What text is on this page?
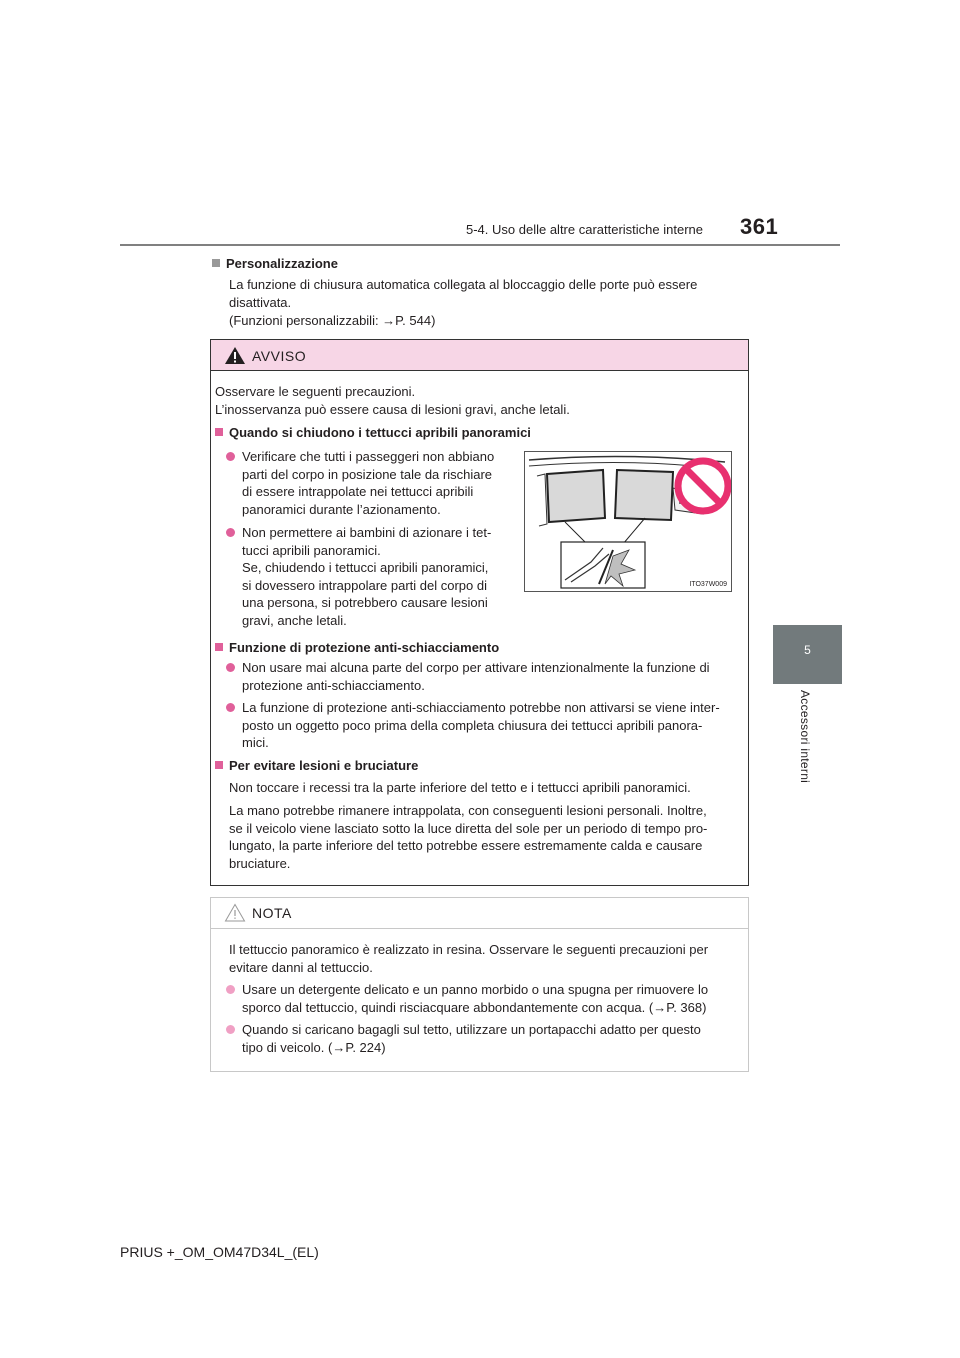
5-4. Uso delle altre caratteristiche interne 361
5
Accessori interni
Personalizzazione
La funzione di chiusura automatica collegata al bloccaggio delle porte può essere
disattivata.
(Funzioni personalizzabili: →P. 544)
AVVISO
Osservare le seguenti precauzioni.
L’inosservanza può essere causa di lesioni gravi, anche letali.
Quando si chiudono i tettucci apribili panoramici

Verificare che tutti i passeggeri non abbiano

parti del corpo in posizione tale da rischiare

di essere intrappolate nei tettucci apribili

panoramici durante l’azionamento.

Non permettere ai bambini di azionare i tet-

tucci apribili panoramici.

Se, chiudendo i tettucci apribili panoramici,

si dovessero intrappolare parti del corpo di

una persona, si potrebbero causare lesioni

gravi, anche letali.

ITO37W009
Funzione di protezione anti-schiacciamento

Non usare mai alcuna parte del corpo per attivare intenzionalmente la funzione di

protezione anti-schiacciamento.

La funzione di protezione anti-schiacciamento potrebbe non attivarsi se viene inter-

posto un oggetto poco prima della completa chiusura dei tettucci apribili panora-

mici.

Per evitare lesioni e bruciature
Non toccare i recessi tra la parte inferiore del tetto e i tettucci apribili panoramici.

La mano potrebbe rimanere intrappolata, con conseguenti lesioni personali. Inoltre,

se il veicolo viene lasciato sotto la luce diretta del sole per un periodo di tempo pro-

lungato, la parte inferiore del tetto potrebbe essere estremamente calda e causare

bruciature.

NOTA

Il tettuccio panoramico è realizzato in resina. Osservare le seguenti precauzioni per

evitare danni al tettuccio.

Usare un detergente delicato e un panno morbido o una spugna per rimuovere lo

sporco dal tettuccio, quindi risciacquare abbondantemente con acqua. (→P. 368)

Quando si caricano bagagli sul tetto, utilizzare un portapacchi adatto per questo

tipo di veicolo. (→P. 224)

PRIUS +_OM_OM47D34L_(EL)
